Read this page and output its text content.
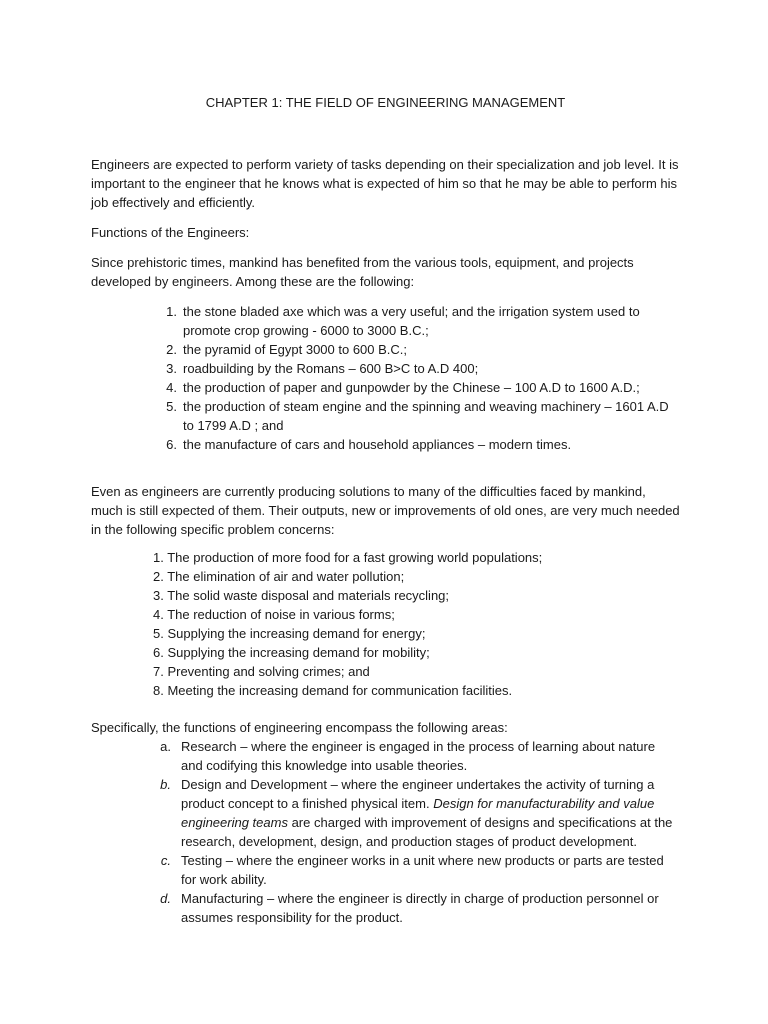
CHAPTER 1: THE FIELD OF ENGINEERING MANAGEMENT

Engineers are expected to perform variety of tasks depending on their specialization and job level. It is important to the engineer that he knows what is expected of him so that he may be able to perform his job effectively and efficiently.

Functions of the Engineers:

Since prehistoric times, mankind has benefited from the various tools, equipment, and projects developed by engineers. Among these are the following:

1. the stone bladed axe which was a very useful; and the irrigation system used to promote crop growing - 6000 to 3000 B.C.;
2. the pyramid of Egypt 3000 to 600 B.C.;
3. roadbuilding by the Romans – 600 B>C to A.D 400;
4. the production of paper and gunpowder by the Chinese – 100 A.D to 1600 A.D.;
5. the production of steam engine and the spinning and weaving machinery – 1601 A.D to 1799 A.D ; and
6. the manufacture of cars and household appliances – modern times.

Even as engineers are currently producing solutions to many of the difficulties faced by mankind, much is still expected of them. Their outputs, new or improvements of old ones, are very much needed in the following specific problem concerns:

1. The production of more food for a fast growing world populations;
2. The elimination of air and water pollution;
3. The solid waste disposal and materials recycling;
4. The reduction of noise in various forms;
5. Supplying the increasing demand for energy;
6. Supplying the increasing demand for mobility;
7. Preventing and solving crimes; and
8. Meeting the increasing demand for communication facilities.

Specifically, the functions of engineering encompass the following areas:

a. Research – where the engineer is engaged in the process of learning about nature and codifying this knowledge into usable theories.
b. Design and Development – where the engineer undertakes the activity of turning a product concept to a finished physical item. Design for manufacturability and value engineering teams are charged with improvement of designs and specifications at the research, development, design, and production stages of product development.
c. Testing – where the engineer works in a unit where new products or parts are tested for work ability.
d. Manufacturing – where the engineer is directly in charge of production personnel or assumes responsibility for the product.
